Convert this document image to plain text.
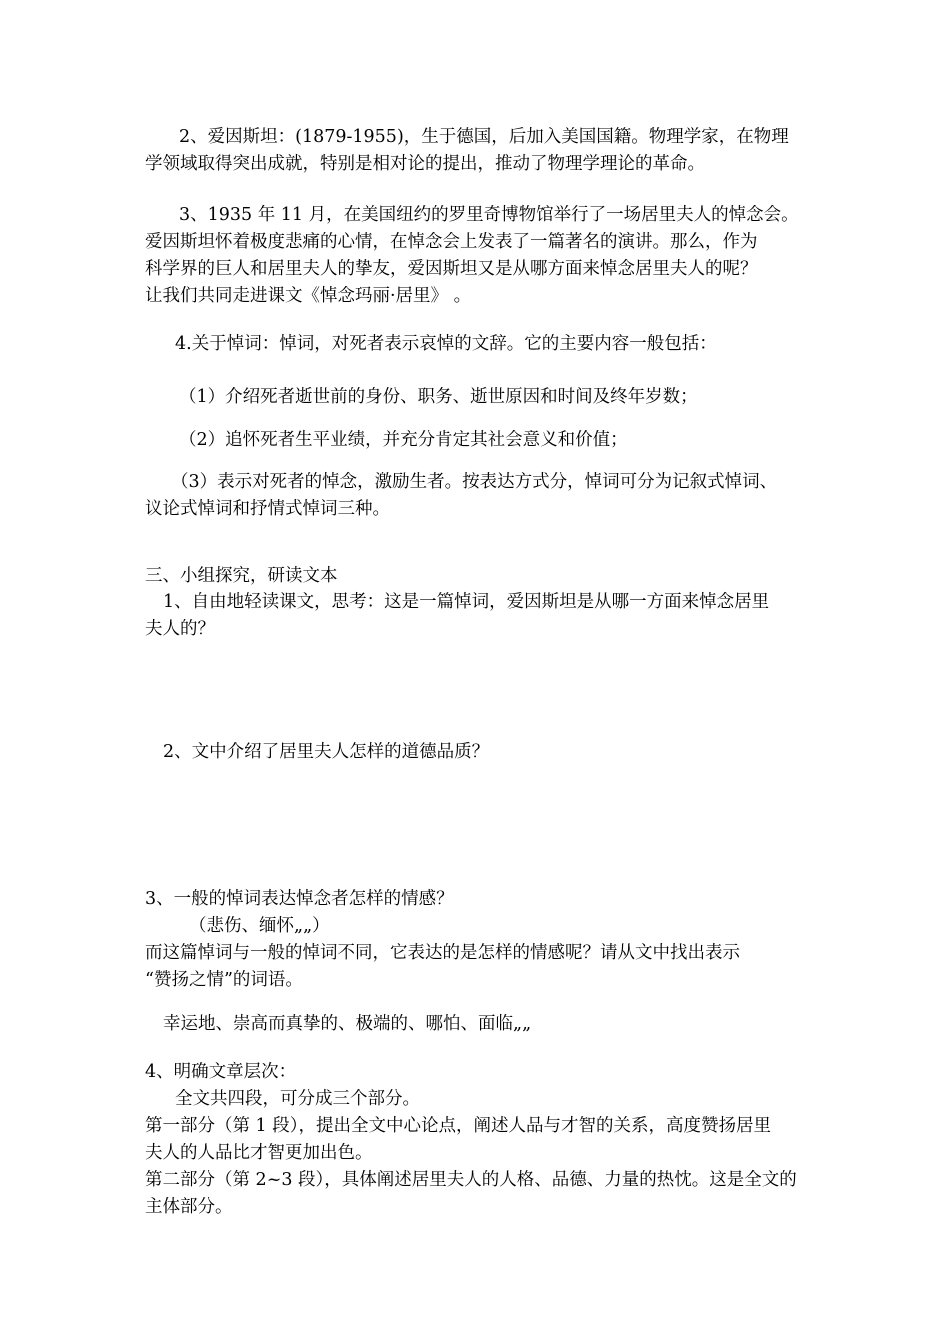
2、爱因斯坦：(1879-1955)，生于德国，后加入美国国籍。物理学家，在物理
学领域取得突出成就，特别是相对论的提出，推动了物理学理论的革命。
3、1935 年 11 月，在美国纽约的罗里奇博物馆举行了一场居里夫人的悼念会。
爱因斯坦怀着极度悲痛的心情，在悼念会上发表了一篇著名的演讲。那么，作为
科学界的巨人和居里夫人的挚友，爱因斯坦又是从哪方面来悼念居里夫人的呢？
让我们共同走进课文《悼念玛丽·居里》 。
4.关于悼词：悼词，对死者表示哀悼的文辞。它的主要内容一般包括：
（1）介绍死者逝世前的身份、职务、逝世原因和时间及终年岁数；
（2）追怀死者生平业绩，并充分肯定其社会意义和价值；
（3）表示对死者的悼念，激励生者。按表达方式分，悼词可分为记叙式悼词、
议论式悼词和抒情式悼词三种。
三、小组探究，研读文本
1、自由地轻读课文，思考：这是一篇悼词，爱因斯坦是从哪一方面来悼念居里
夫人的？
2、文中介绍了居里夫人怎样的道德品质？
3、一般的悼词表达悼念者怎样的情感？
（悲伤、缅怀„„）
而这篇悼词与一般的悼词不同，它表达的是怎样的情感呢？请从文中找出表示
“赞扬之情”的词语。
幸运地、崇高而真挚的、极端的、哪怕、面临„„
4、明确文章层次：
全文共四段，可分成三个部分。
第一部分（第 1 段），提出全文中心论点，阐述人品与才智的关系，高度赞扬居里
夫人的人品比才智更加出色。
第二部分（第 2~3 段），具体阐述居里夫人的人格、品德、力量的热忱。这是全文的
主体部分。
